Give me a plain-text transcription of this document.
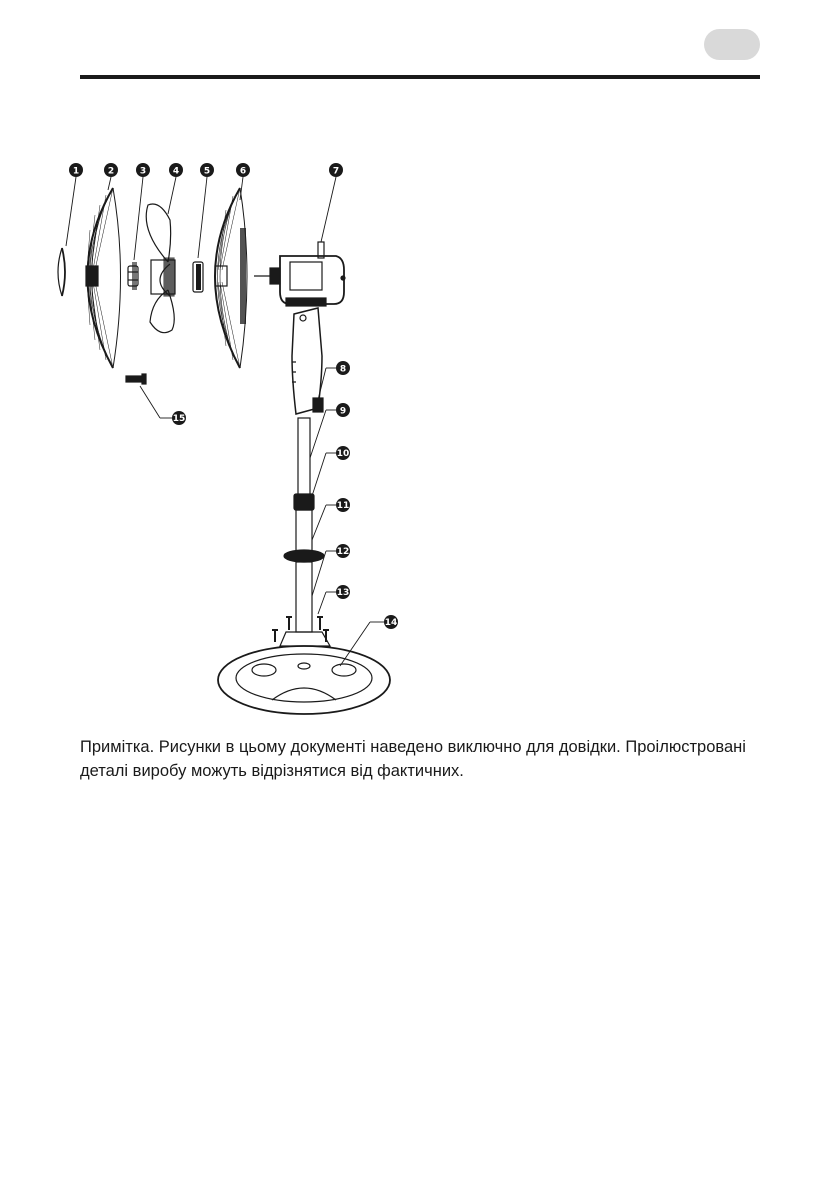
1	2	3	4	5	6	7
8
9
10
11
12
13
14
15

Примітка. Рисунки в цьому документі наведено виключно для довідки. Проілюстровані
деталі виробу можуть відрізнятися від фактичних.
